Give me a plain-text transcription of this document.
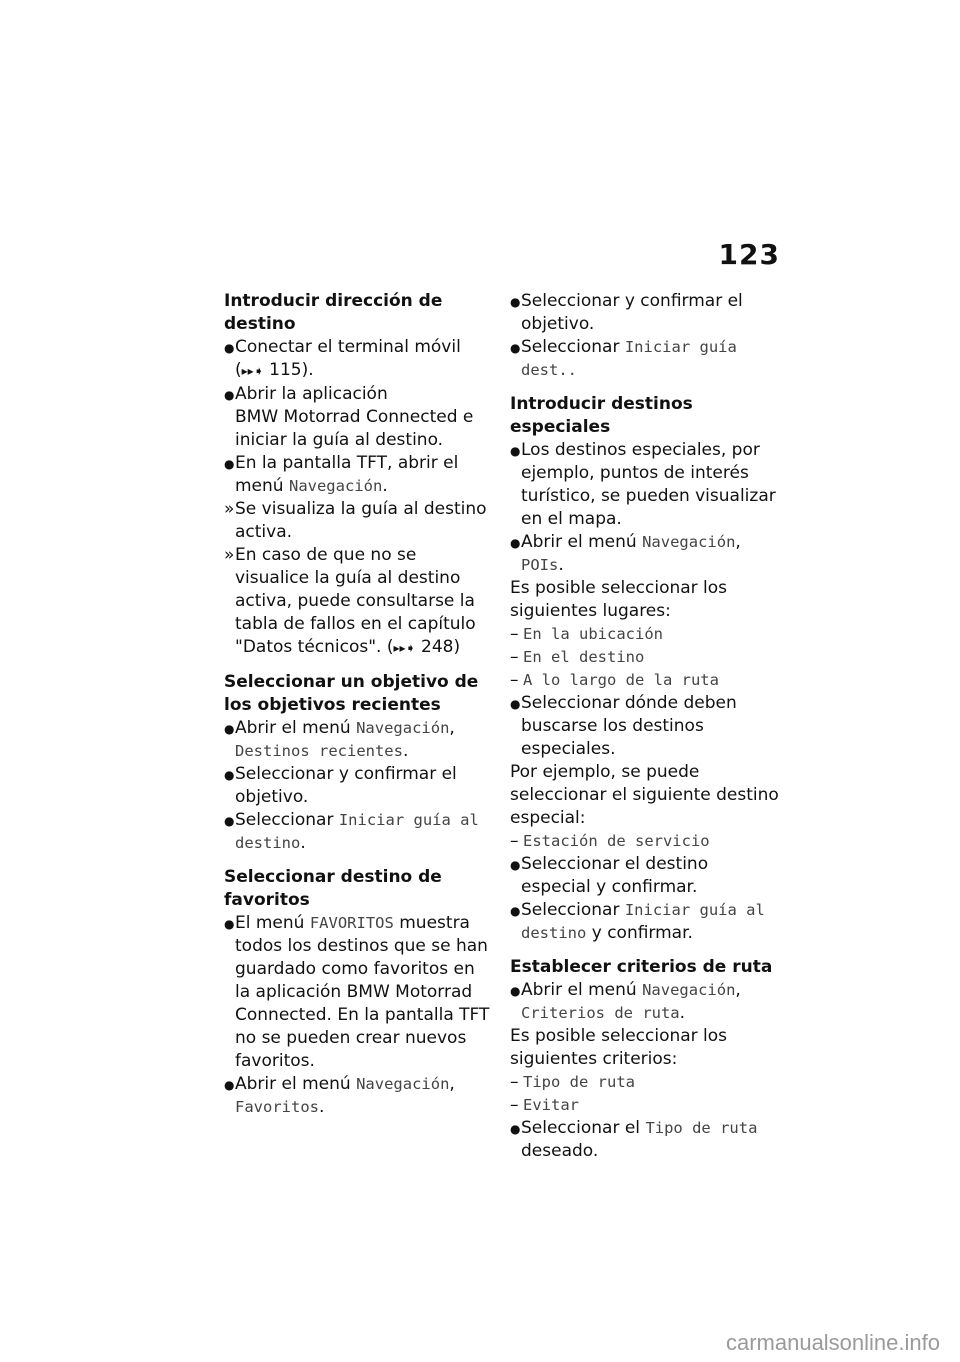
123

Introducir dirección de destino

● Conectar el terminal móvil
(▸▸➧ 115).

● Abrir la aplicación
BMW Motorrad Connected e iniciar la guía al destino.

● En la pantalla TFT, abrir el menú Navegación.

» Se visualiza la guía al destino activa.

» En caso de que no se visualice la guía al destino activa, puede consultarse la tabla de fallos en el capítulo "Datos técnicos". (▸▸➧ 248)

Seleccionar un objetivo de los objetivos recientes

● Abrir el menú Navegación, Destinos recientes.

● Seleccionar y confirmar el objetivo.

● Seleccionar Iniciar guía al destino.

Seleccionar destino de favoritos

● El menú FAVORITOS muestra todos los destinos que se han guardado como favoritos en la aplicación BMW Motorrad Connected. En la pantalla TFT no se pueden crear nuevos favoritos.

● Abrir el menú Navegación, Favoritos.

● Seleccionar y confirmar el objetivo.

● Seleccionar Iniciar guía dest..

Introducir destinos especiales

● Los destinos especiales, por ejemplo, puntos de interés turístico, se pueden visualizar en el mapa.

● Abrir el menú Navegación, POIs.

Es posible seleccionar los siguientes lugares:

– En la ubicación

– En el destino

– A lo largo de la ruta

● Seleccionar dónde deben buscarse los destinos especiales.

Por ejemplo, se puede seleccionar el siguiente destino especial:

– Estación de servicio

● Seleccionar el destino especial y confirmar.

● Seleccionar Iniciar guía al destino y confirmar.

Establecer criterios de ruta

● Abrir el menú Navegación, Criterios de ruta.

Es posible seleccionar los siguientes criterios:

– Tipo de ruta

– Evitar

● Seleccionar el Tipo de ruta deseado.

carmanualsonline.info
